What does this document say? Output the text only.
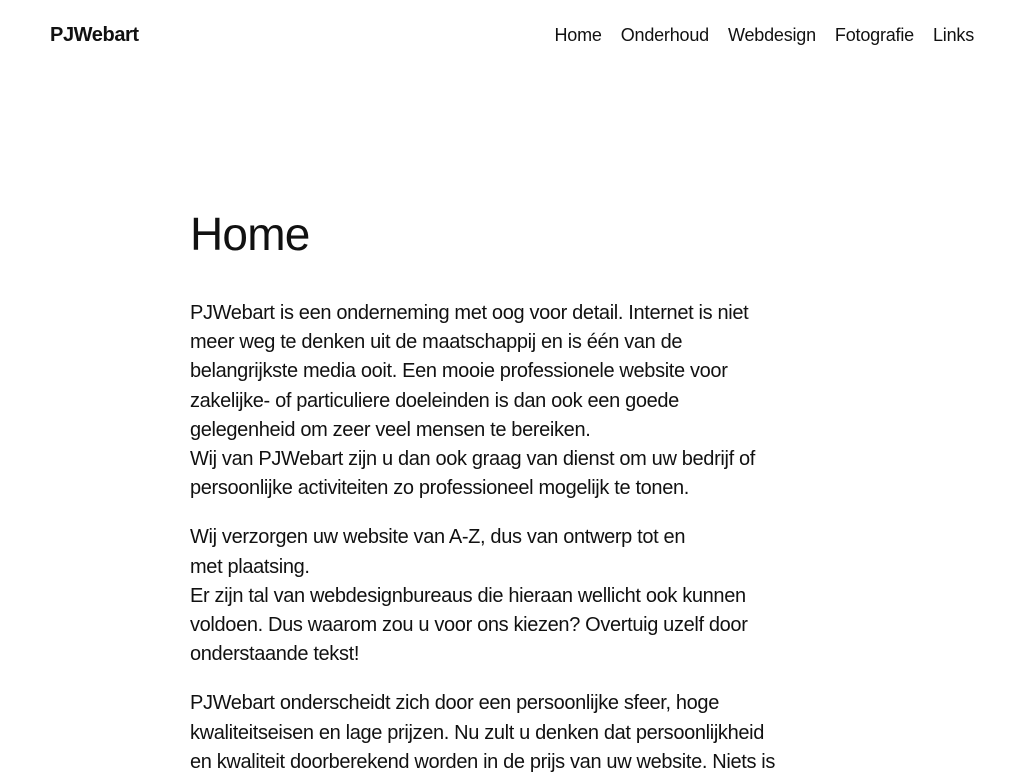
PJWebart	Home Onderhoud Webdesign Fotografie Links
Home

PJWebart is een onderneming met oog voor detail. Internet is niet
meer weg te denken uit de maatschappij en is één van de
belangrijkste media ooit. Een mooie professionele website voor
zakelijke- of particuliere doeleinden is dan ook een goede
gelegenheid om zeer veel mensen te bereiken.
Wij van PJWebart zijn u dan ook graag van dienst om uw bedrijf of
persoonlijke activiteiten zo professioneel mogelijk te tonen.

Wij verzorgen uw website van A-Z, dus van ontwerp tot en
met plaatsing.
Er zijn tal van webdesignbureaus die hieraan wellicht ook kunnen
voldoen. Dus waarom zou u voor ons kiezen? Overtuig uzelf door
onderstaande tekst!

PJWebart onderscheidt zich door een persoonlijke sfeer, hoge
kwaliteitseisen en lage prijzen. Nu zult u denken dat persoonlijkheid
en kwaliteit doorberekend worden in de prijs van uw website. Niets is
